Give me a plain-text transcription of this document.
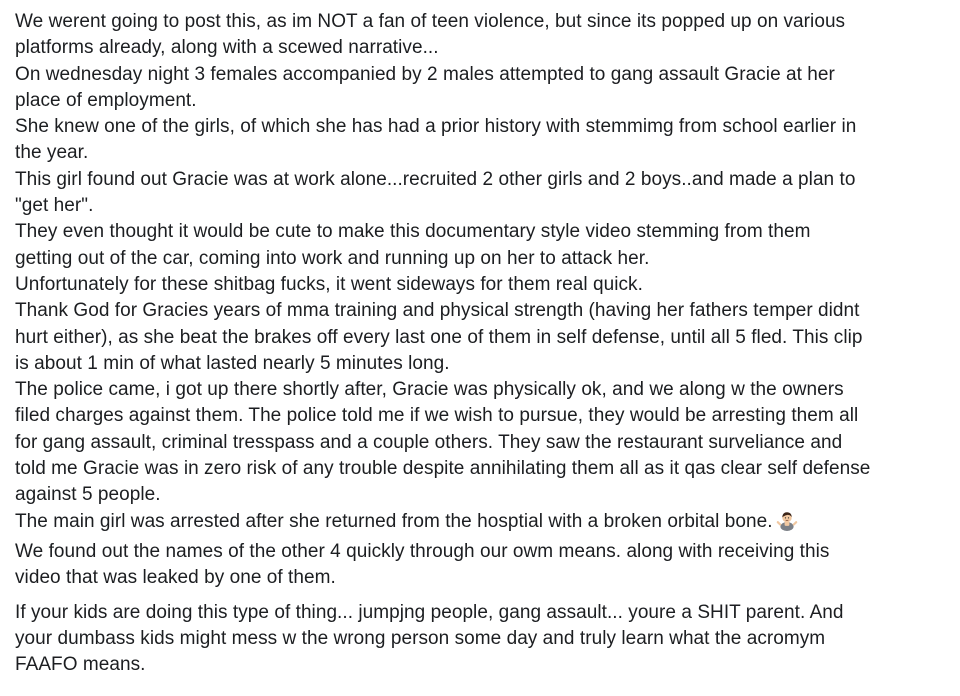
We werent going to post this, as im NOT a fan of teen violence, but since its popped up on various
platforms already, along with a scewed narrative...
On wednesday night 3 females accompanied by 2 males attempted to gang assault Gracie at her
place of employment.
She knew one of the girls, of which she has had a prior history with stemmimg from school earlier in
the year.
This girl found out Gracie was at work alone...recruited 2 other girls and 2 boys..and made a plan to
"get her".
They even thought it would be cute to make this documentary style video stemming from them
getting out of the car, coming into work and running up on her to attack her.
Unfortunately for these shitbag fucks, it went sideways for them real quick.
Thank God for Gracies years of mma training and physical strength (having her fathers temper didnt
hurt either), as she beat the brakes off every last one of them in self defense, until all 5 fled. This clip
is about 1 min of what lasted nearly 5 minutes long.
The police came, i got up there shortly after, Gracie was physically ok, and we along w the owners
filed charges against them. The police told me if we wish to pursue, they would be arresting them all
for gang assault, criminal tresspass and a couple others. They saw the restaurant surveliance and
told me Gracie was in zero risk of any trouble despite annihilating them all as it qas clear self defense
against 5 people.
The main girl was arrested after she returned from the hosptial with a broken orbital bone.
We found out the names of the other 4 quickly through our owm means. along with receiving this
video that was leaked by one of them.
If your kids are doing this type of thing... jumpjng people, gang assault... youre a SHIT parent. And
your dumbass kids might mess w the wrong person some day and truly learn what the acromym
FAAFO means.
